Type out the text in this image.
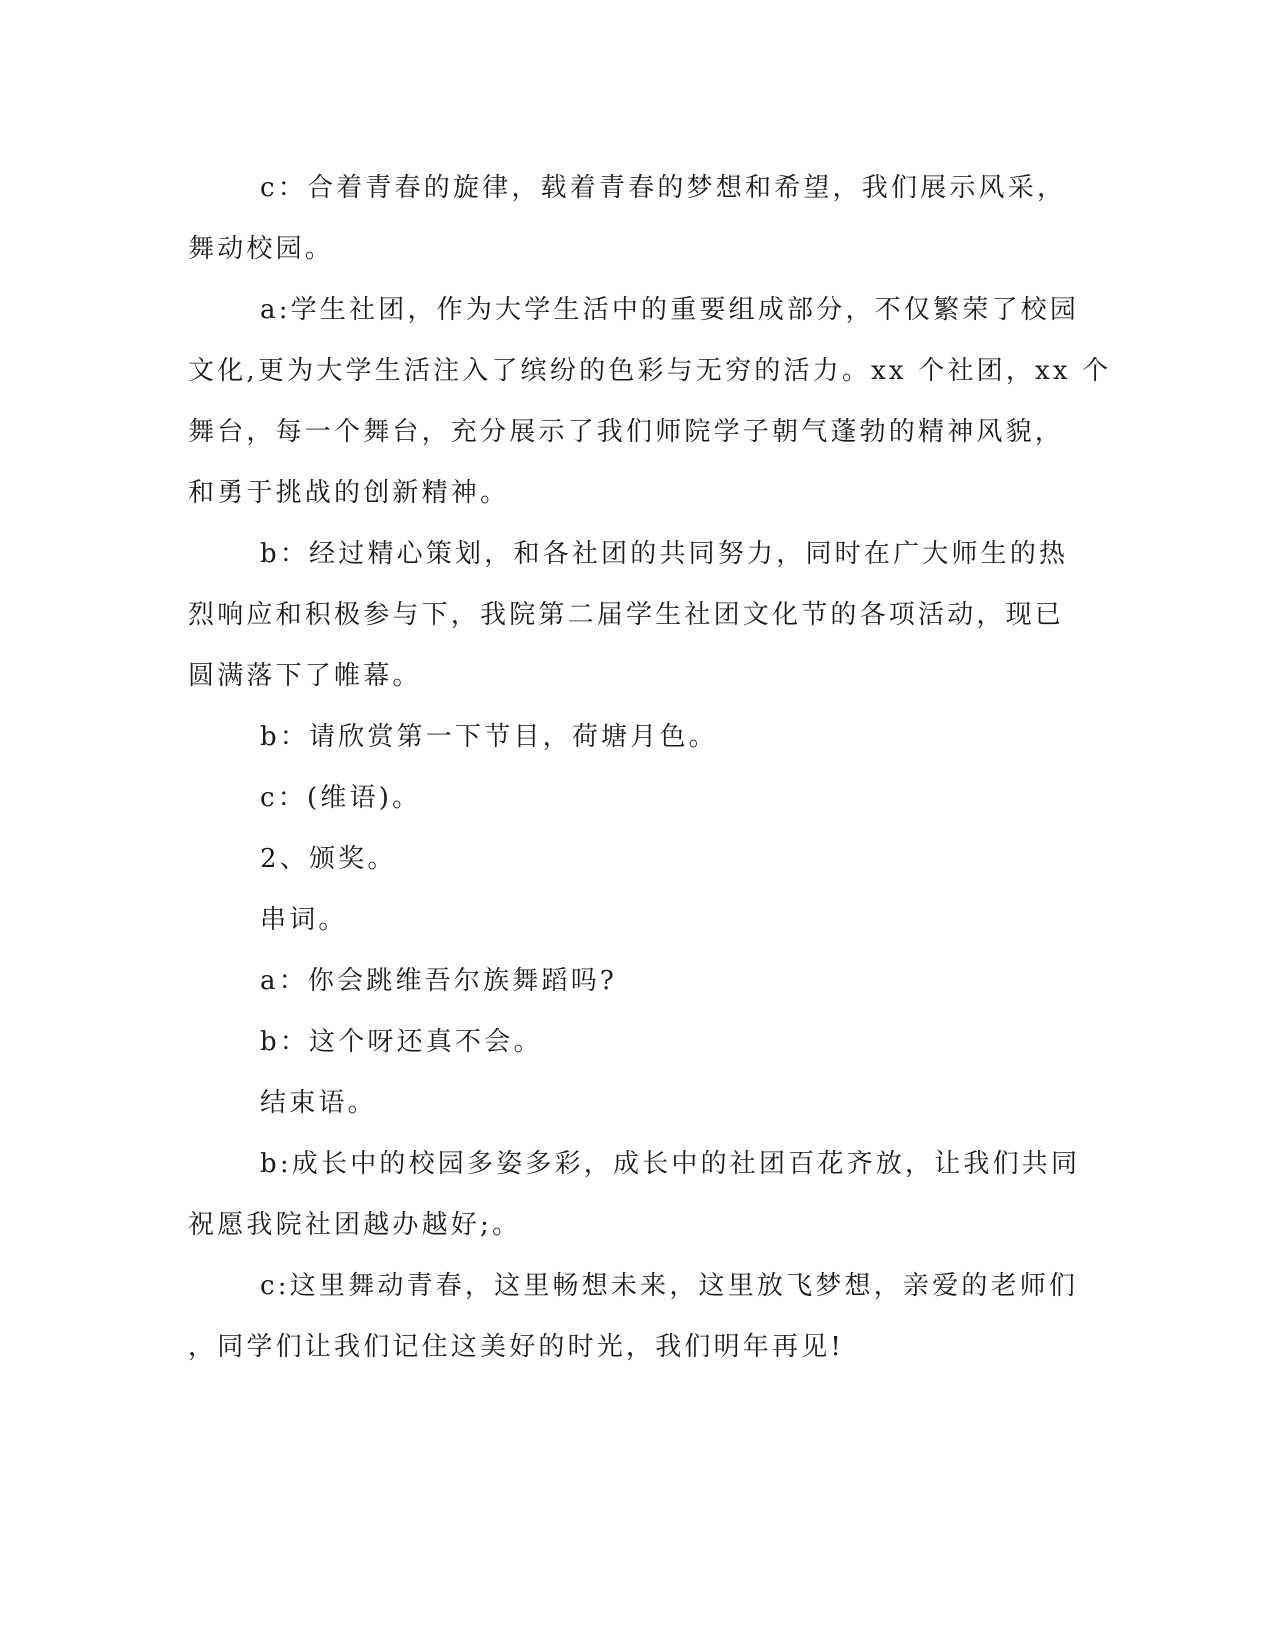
c：合着青春的旋律，载着青春的梦想和希望，我们展示风采，
舞动校园。
a:学生社团，作为大学生活中的重要组成部分，不仅繁荣了校园
文化,更为大学生活注入了缤纷的色彩与无穷的活力。xx 个社团，xx 个
舞台，每一个舞台，充分展示了我们师院学子朝气蓬勃的精神风貌，
和勇于挑战的创新精神。
b：经过精心策划，和各社团的共同努力，同时在广大师生的热
烈响应和积极参与下，我院第二届学生社团文化节的各项活动，现已
圆满落下了帷幕。
b：请欣赏第一下节目，荷塘月色。
c：(维语)。
2、颁奖。
串词。
a：你会跳维吾尔族舞蹈吗?
b：这个呀还真不会。
结束语。
b:成长中的校园多姿多彩，成长中的社团百花齐放，让我们共同
祝愿我院社团越办越好;。
c:这里舞动青春，这里畅想未来，这里放飞梦想，亲爱的老师们
，同学们让我们记住这美好的时光，我们明年再见!
